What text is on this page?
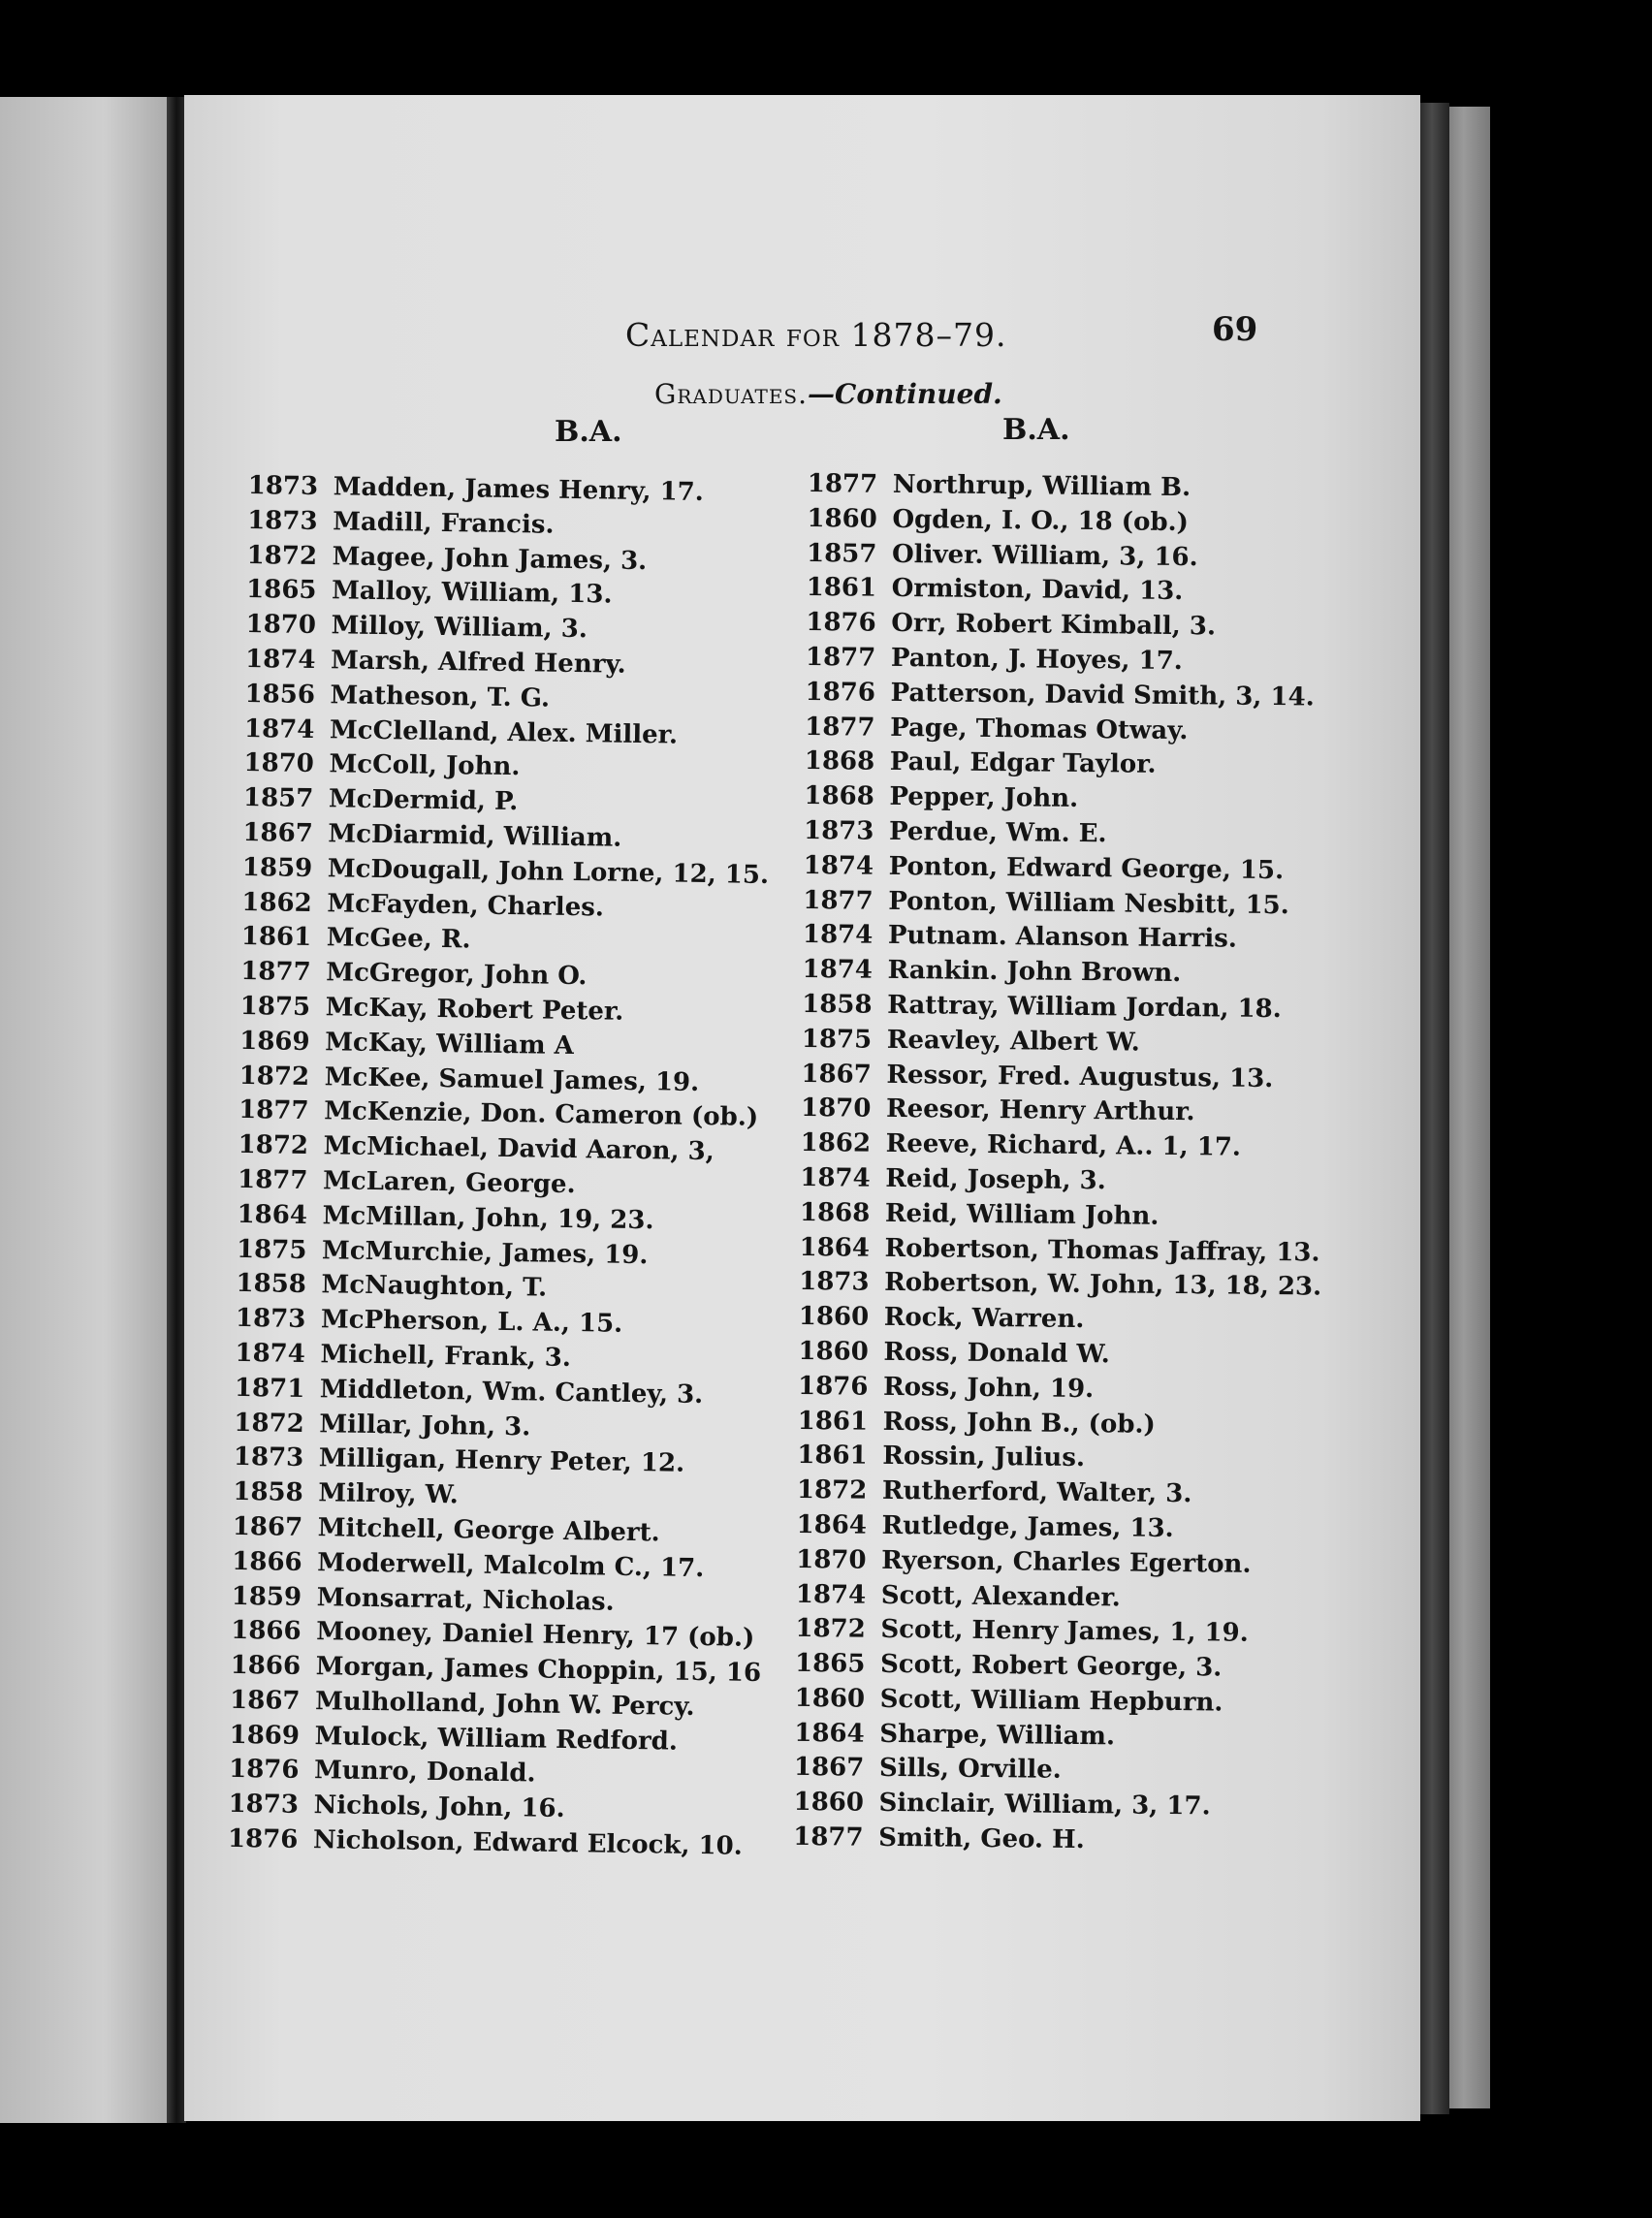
Calendar for 1878–79.	69
Graduates.—Continued.
B.A.	B.A.
1873 Madden, James Henry, 17.
1873 Madill, Francis.
1872 Magee, John James, 3.
1865 Malloy, William, 13.
1870 Milloy, William, 3.
1874 Marsh, Alfred Henry.
1856 Matheson, T. G.
1874 McClelland, Alex. Miller.
1870 McColl, John.
1857 McDermid, P.
1867 McDiarmid, William.
1859 McDougall, John Lorne, 12, 15.
1862 McFayden, Charles.
1861 McGee, R.
1877 McGregor, John O.
1875 McKay, Robert Peter.
1869 McKay, William A
1872 McKee, Samuel James, 19.
1877 McKenzie, Don. Cameron (ob.)
1872 McMichael, David Aaron, 3,
1877 McLaren, George.
1864 McMillan, John, 19, 23.
1875 McMurchie, James, 19.
1858 McNaughton, T.
1873 McPherson, L. A., 15.
1874 Michell, Frank, 3.
1871 Middleton, Wm. Cantley, 3.
1872 Millar, John, 3.
1873 Milligan, Henry Peter, 12.
1858 Milroy, W.
1867 Mitchell, George Albert.
1866 Moderwell, Malcolm C., 17.
1859 Monsarrat, Nicholas.
1866 Mooney, Daniel Henry, 17 (ob.)
1866 Morgan, James Choppin, 15, 16
1867 Mulholland, John W. Percy.
1869 Mulock, William Redford.
1876 Munro, Donald.
1873 Nichols, John, 16.
1876 Nicholson, Edward Elcock, 10.
1877 Northrup, William B.
1860 Ogden, I. O., 18 (ob.)
1857 Oliver. William, 3, 16.
1861 Ormiston, David, 13.
1876 Orr, Robert Kimball, 3.
1877 Panton, J. Hoyes, 17.
1876 Patterson, David Smith, 3, 14.
1877 Page, Thomas Otway.
1868 Paul, Edgar Taylor.
1868 Pepper, John.
1873 Perdue, Wm. E.
1874 Ponton, Edward George, 15.
1877 Ponton, William Nesbitt, 15.
1874 Putnam. Alanson Harris.
1874 Rankin. John Brown.
1858 Rattray, William Jordan, 18.
1875 Reavley, Albert W.
1867 Ressor, Fred. Augustus, 13.
1870 Reesor, Henry Arthur.
1862 Reeve, Richard, A.. 1, 17.
1874 Reid, Joseph, 3.
1868 Reid, William John.
1864 Robertson, Thomas Jaffray, 13.
1873 Robertson, W. John, 13, 18, 23.
1860 Rock, Warren.
1860 Ross, Donald W.
1876 Ross, John, 19.
1861 Ross, John B., (ob.)
1861 Rossin, Julius.
1872 Rutherford, Walter, 3.
1864 Rutledge, James, 13.
1870 Ryerson, Charles Egerton.
1874 Scott, Alexander.
1872 Scott, Henry James, 1, 19.
1865 Scott, Robert George, 3.
1860 Scott, William Hepburn.
1864 Sharpe, William.
1867 Sills, Orville.
1860 Sinclair, William, 3, 17.
1877 Smith, Geo. H.
